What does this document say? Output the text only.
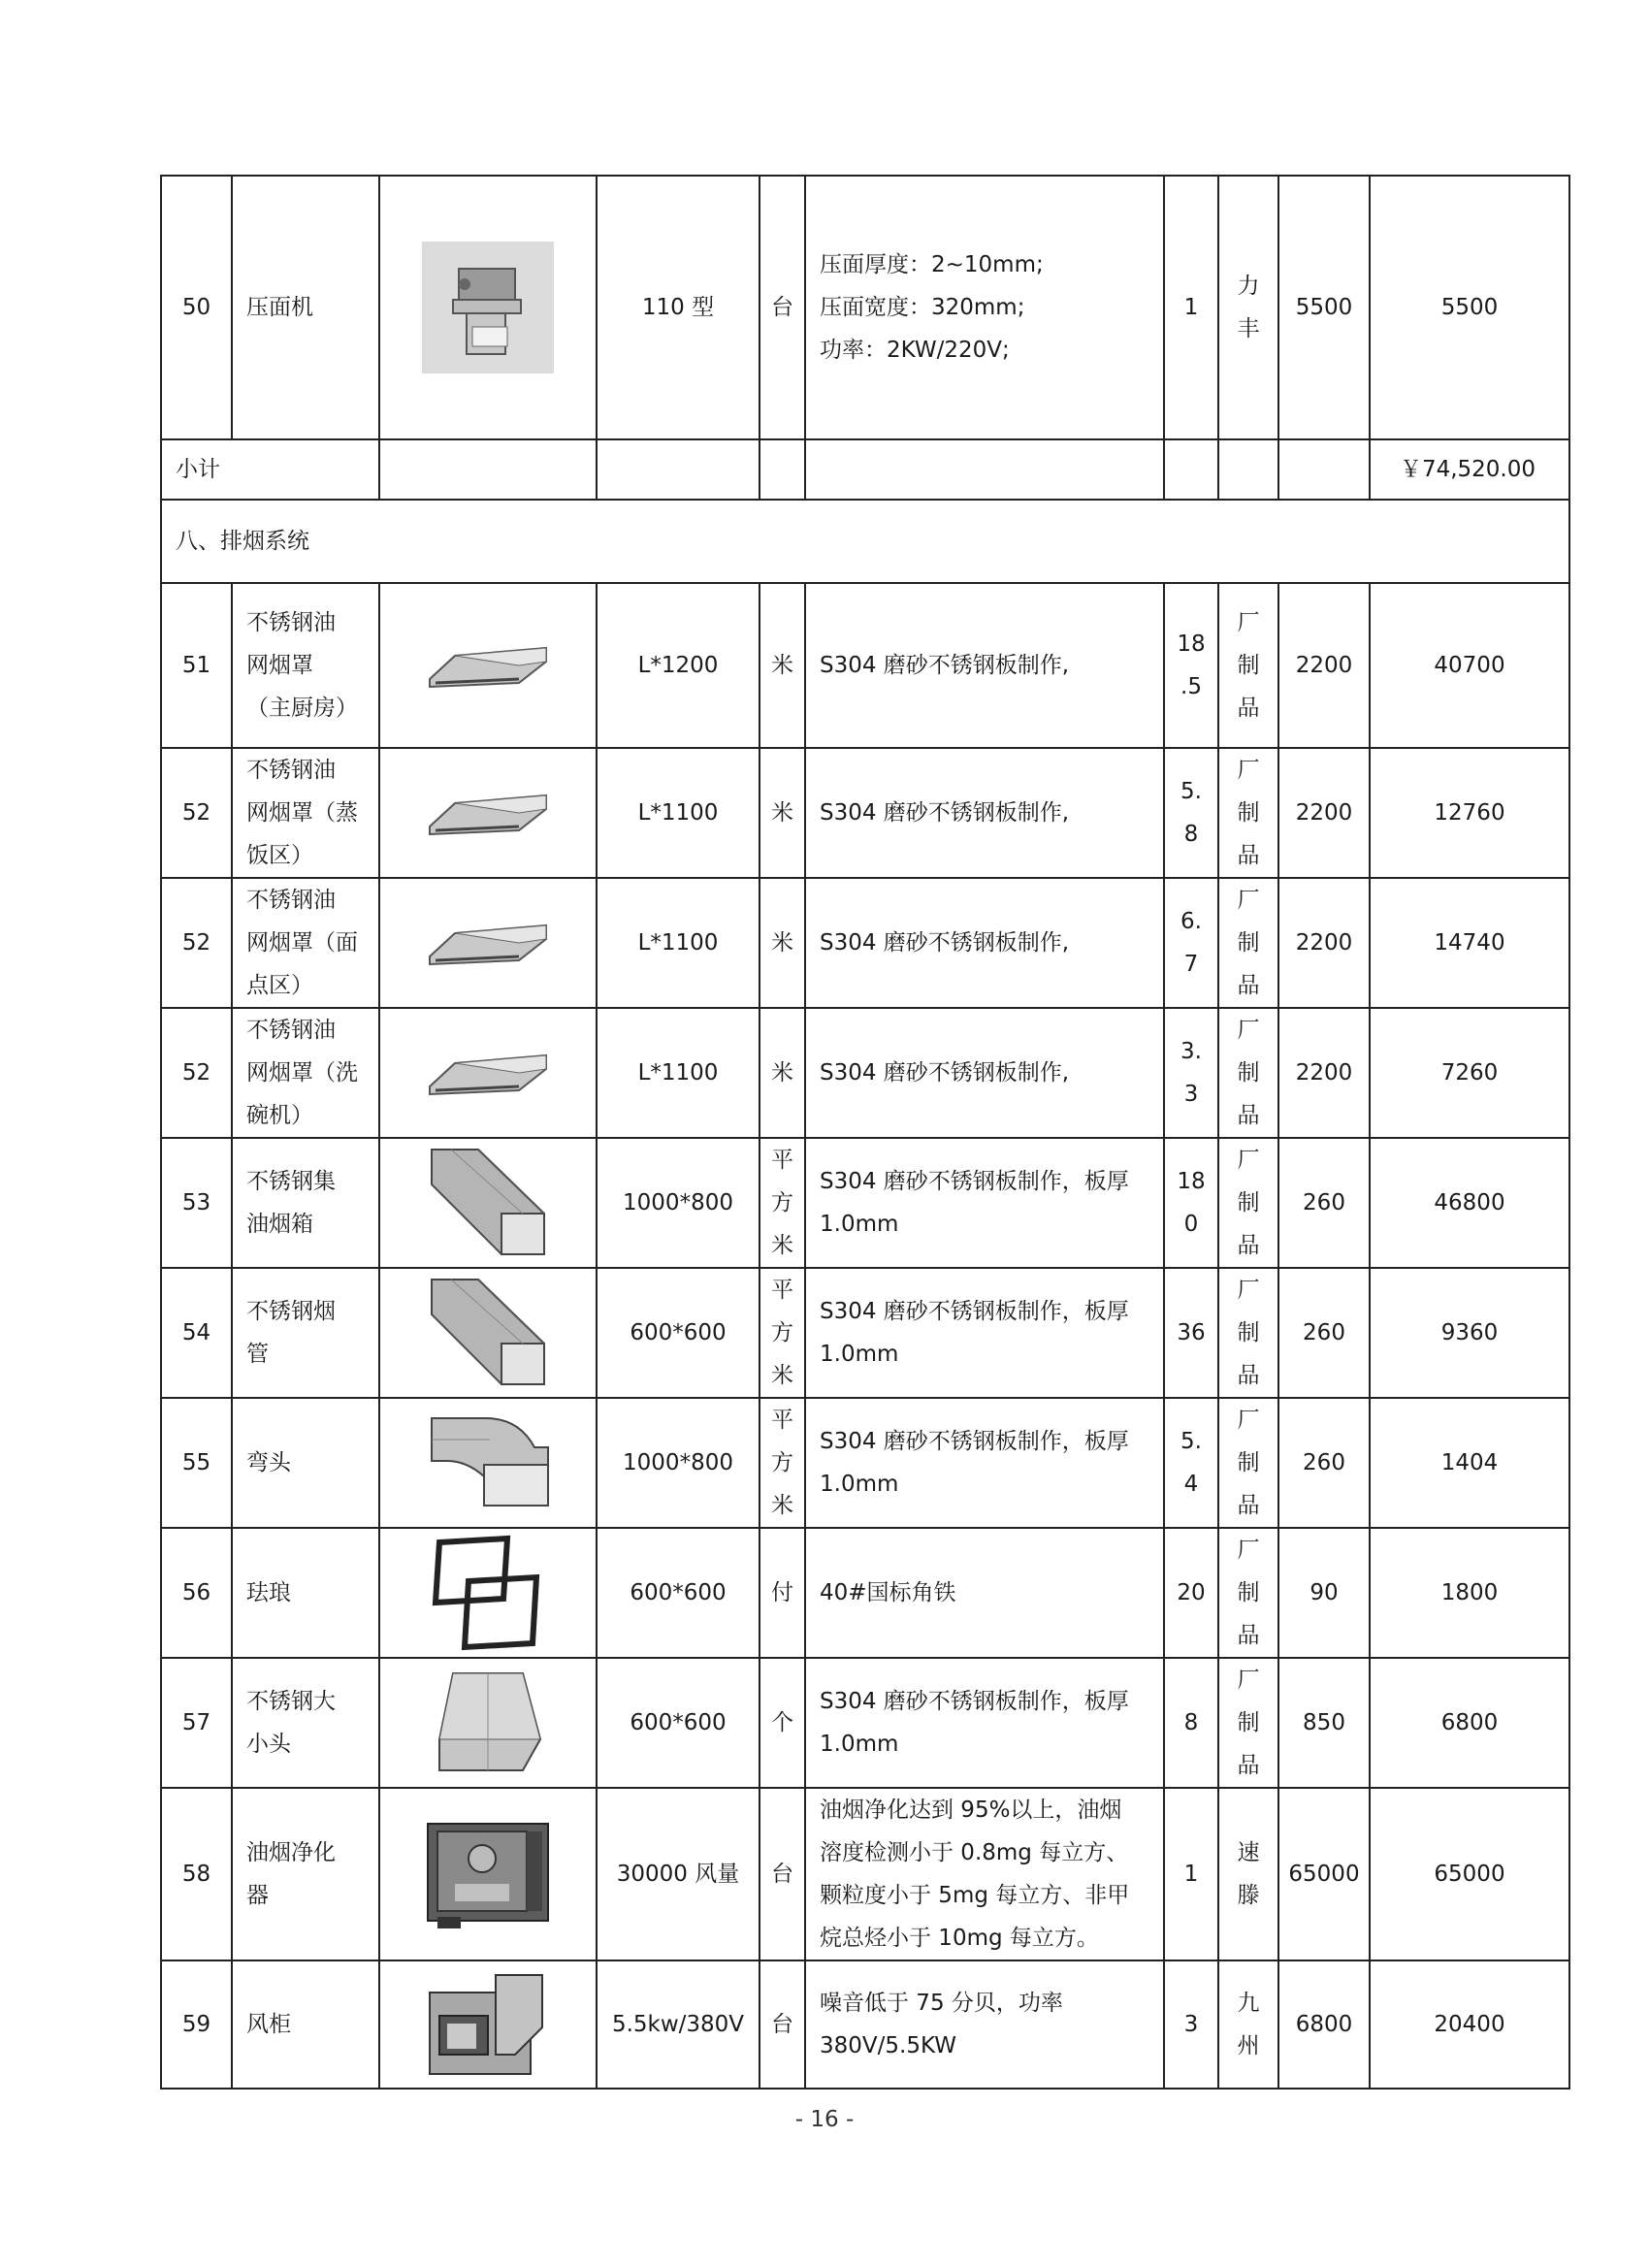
50	压面机		110 型	台	压面厚度：2~10mm;
压面宽度：320mm;
功率：2KW/220V;	1	力
丰	5500	5500
小计									￥74,520.00
八、排烟系统									
51	不锈钢油
网烟罩
（主厨房）		L*1200	米	S304 磨砂不锈钢板制作,	18
.5	厂
制
品	2200	40700
52	不锈钢油
网烟罩（蒸
饭区）		L*1100	米	S304 磨砂不锈钢板制作,	5.
8	厂
制
品	2200	12760
52	不锈钢油
网烟罩（面
点区）		L*1100	米	S304 磨砂不锈钢板制作,	6.
7	厂
制
品	2200	14740
52	不锈钢油
网烟罩（洗
碗机）		L*1100	米	S304 磨砂不锈钢板制作,	3.
3	厂
制
品	2200	7260
53	不锈钢集
油烟箱		1000*800	平
方
米	S304 磨砂不锈钢板制作，板厚
1.0mm	18
0	厂
制
品	260	46800
54	不锈钢烟
管		600*600	平
方
米	S304 磨砂不锈钢板制作，板厚
1.0mm	36	厂
制
品	260	9360
55	弯头		1000*800	平
方
米	S304 磨砂不锈钢板制作，板厚
1.0mm	5.
4	厂
制
品	260	1404
56	珐琅		600*600	付	40#国标角铁	20	厂
制
品	90	1800
57	不锈钢大
小头		600*600	个	S304 磨砂不锈钢板制作，板厚
1.0mm	8	厂
制
品	850	6800
58	油烟净化
器		30000 风量	台	油烟净化达到 95%以上，油烟
溶度检测小于 0.8mg 每立方、
颗粒度小于 5mg 每立方、非甲
烷总烃小于 10mg 每立方。	1	速
滕	65000	65000
59	风柜		5.5kw/380V	台	噪音低于 75 分贝，功率
380V/5.5KW	3	九
州	6800	20400
- 16 -
